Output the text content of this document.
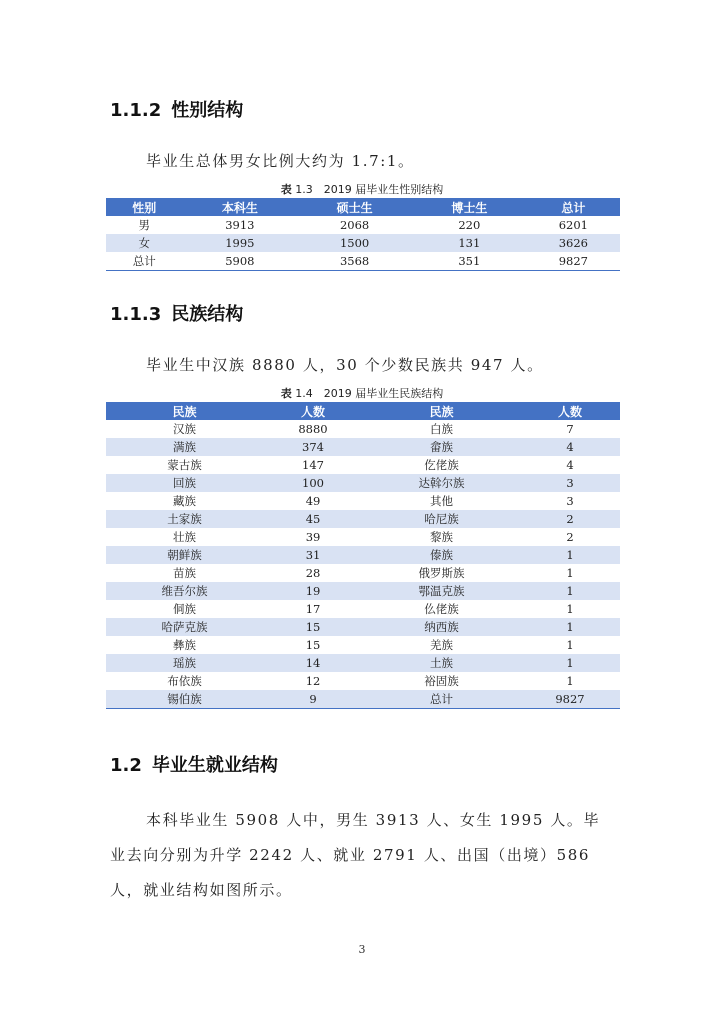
1.1.2 性别结构
毕业生总体男女比例大约为 1.7:1。
表 1.3　2019 届毕业生性别结构
性别	本科生	硕士生	博士生	总计
男	3913	2068	220	6201
女	1995	1500	131	3626
总计	5908	3568	351	9827
1.1.3 民族结构
毕业生中汉族 8880 人，30 个少数民族共 947 人。
表 1.4　2019 届毕业生民族结构
民族	人数	民族	人数
汉族	8880	白族	7
满族	374	畲族	4
蒙古族	147	仡佬族	4
回族	100	达斡尔族	3
藏族	49	其他	3
土家族	45	哈尼族	2
壮族	39	黎族	2
朝鲜族	31	傣族	1
苗族	28	俄罗斯族	1
维吾尔族	19	鄂温克族	1
侗族	17	仫佬族	1
哈萨克族	15	纳西族	1
彝族	15	羌族	1
瑶族	14	土族	1
布依族	12	裕固族	1
锡伯族	9	总计	9827
1.2 毕业生就业结构
本科毕业生 5908 人中，男生 3913 人、女生 1995 人。毕业去向分别为升学 2242 人、就业 2791 人、出国（出境）586 人，就业结构如图所示。
3
